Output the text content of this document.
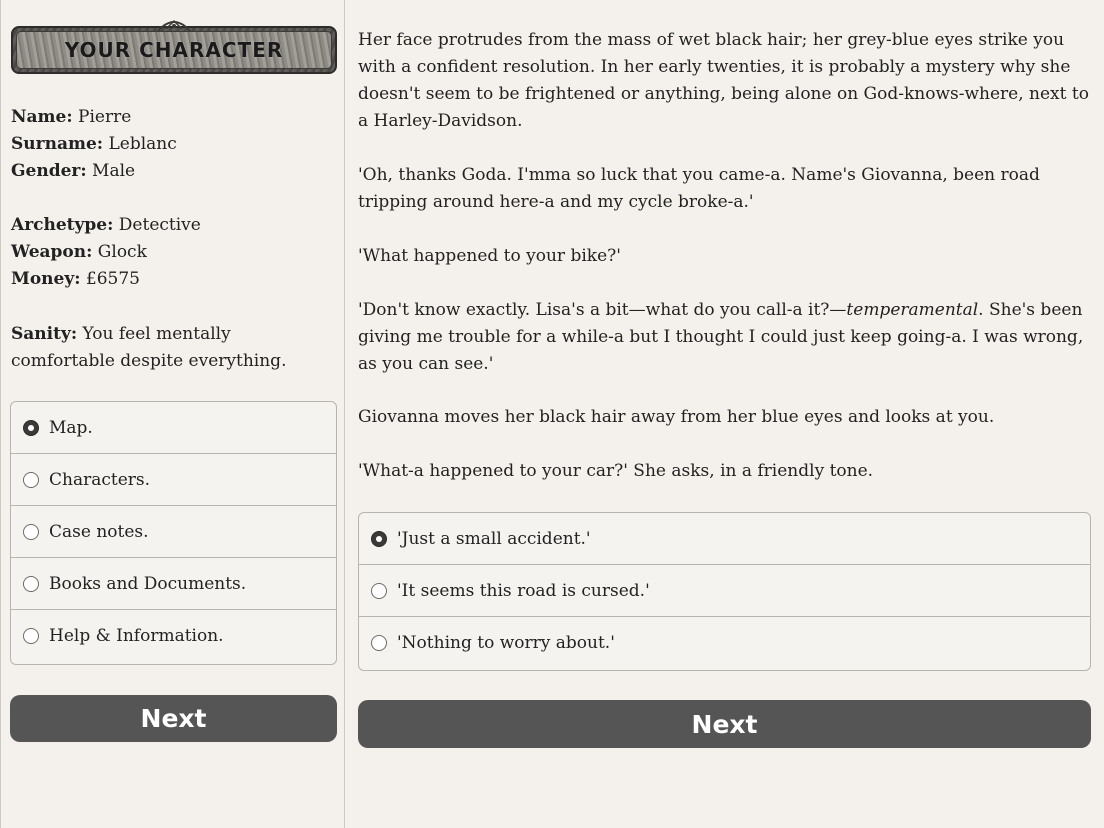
YOUR CHARACTER
Name: Pierre
Surname: Leblanc
Gender: Male
Archetype: Detective
Weapon: Glock
Money: £6575
Sanity: You feel mentally comfortable despite everything.
Map.
Characters.
Case notes.
Books and Documents.
Help & Information.
Next

Her face protrudes from the mass of wet black hair; her grey-blue eyes strike you with a confident resolution. In her early twenties, it is probably a mystery why she doesn't seem to be frightened or anything, being alone on God-knows-where, next to a Harley-Davidson.

'Oh, thanks Goda. I'mma so luck that you came-a. Name's Giovanna, been road tripping around here-a and my cycle broke-a.'

'What happened to your bike?'

'Don't know exactly. Lisa's a bit—what do you call-a it?—temperamental. She's been giving me trouble for a while-a but I thought I could just keep going-a. I was wrong, as you can see.'

Giovanna moves her black hair away from her blue eyes and looks at you.

'What-a happened to your car?' She asks, in a friendly tone.

'Just a small accident.'
'It seems this road is cursed.'
'Nothing to worry about.'
Next
